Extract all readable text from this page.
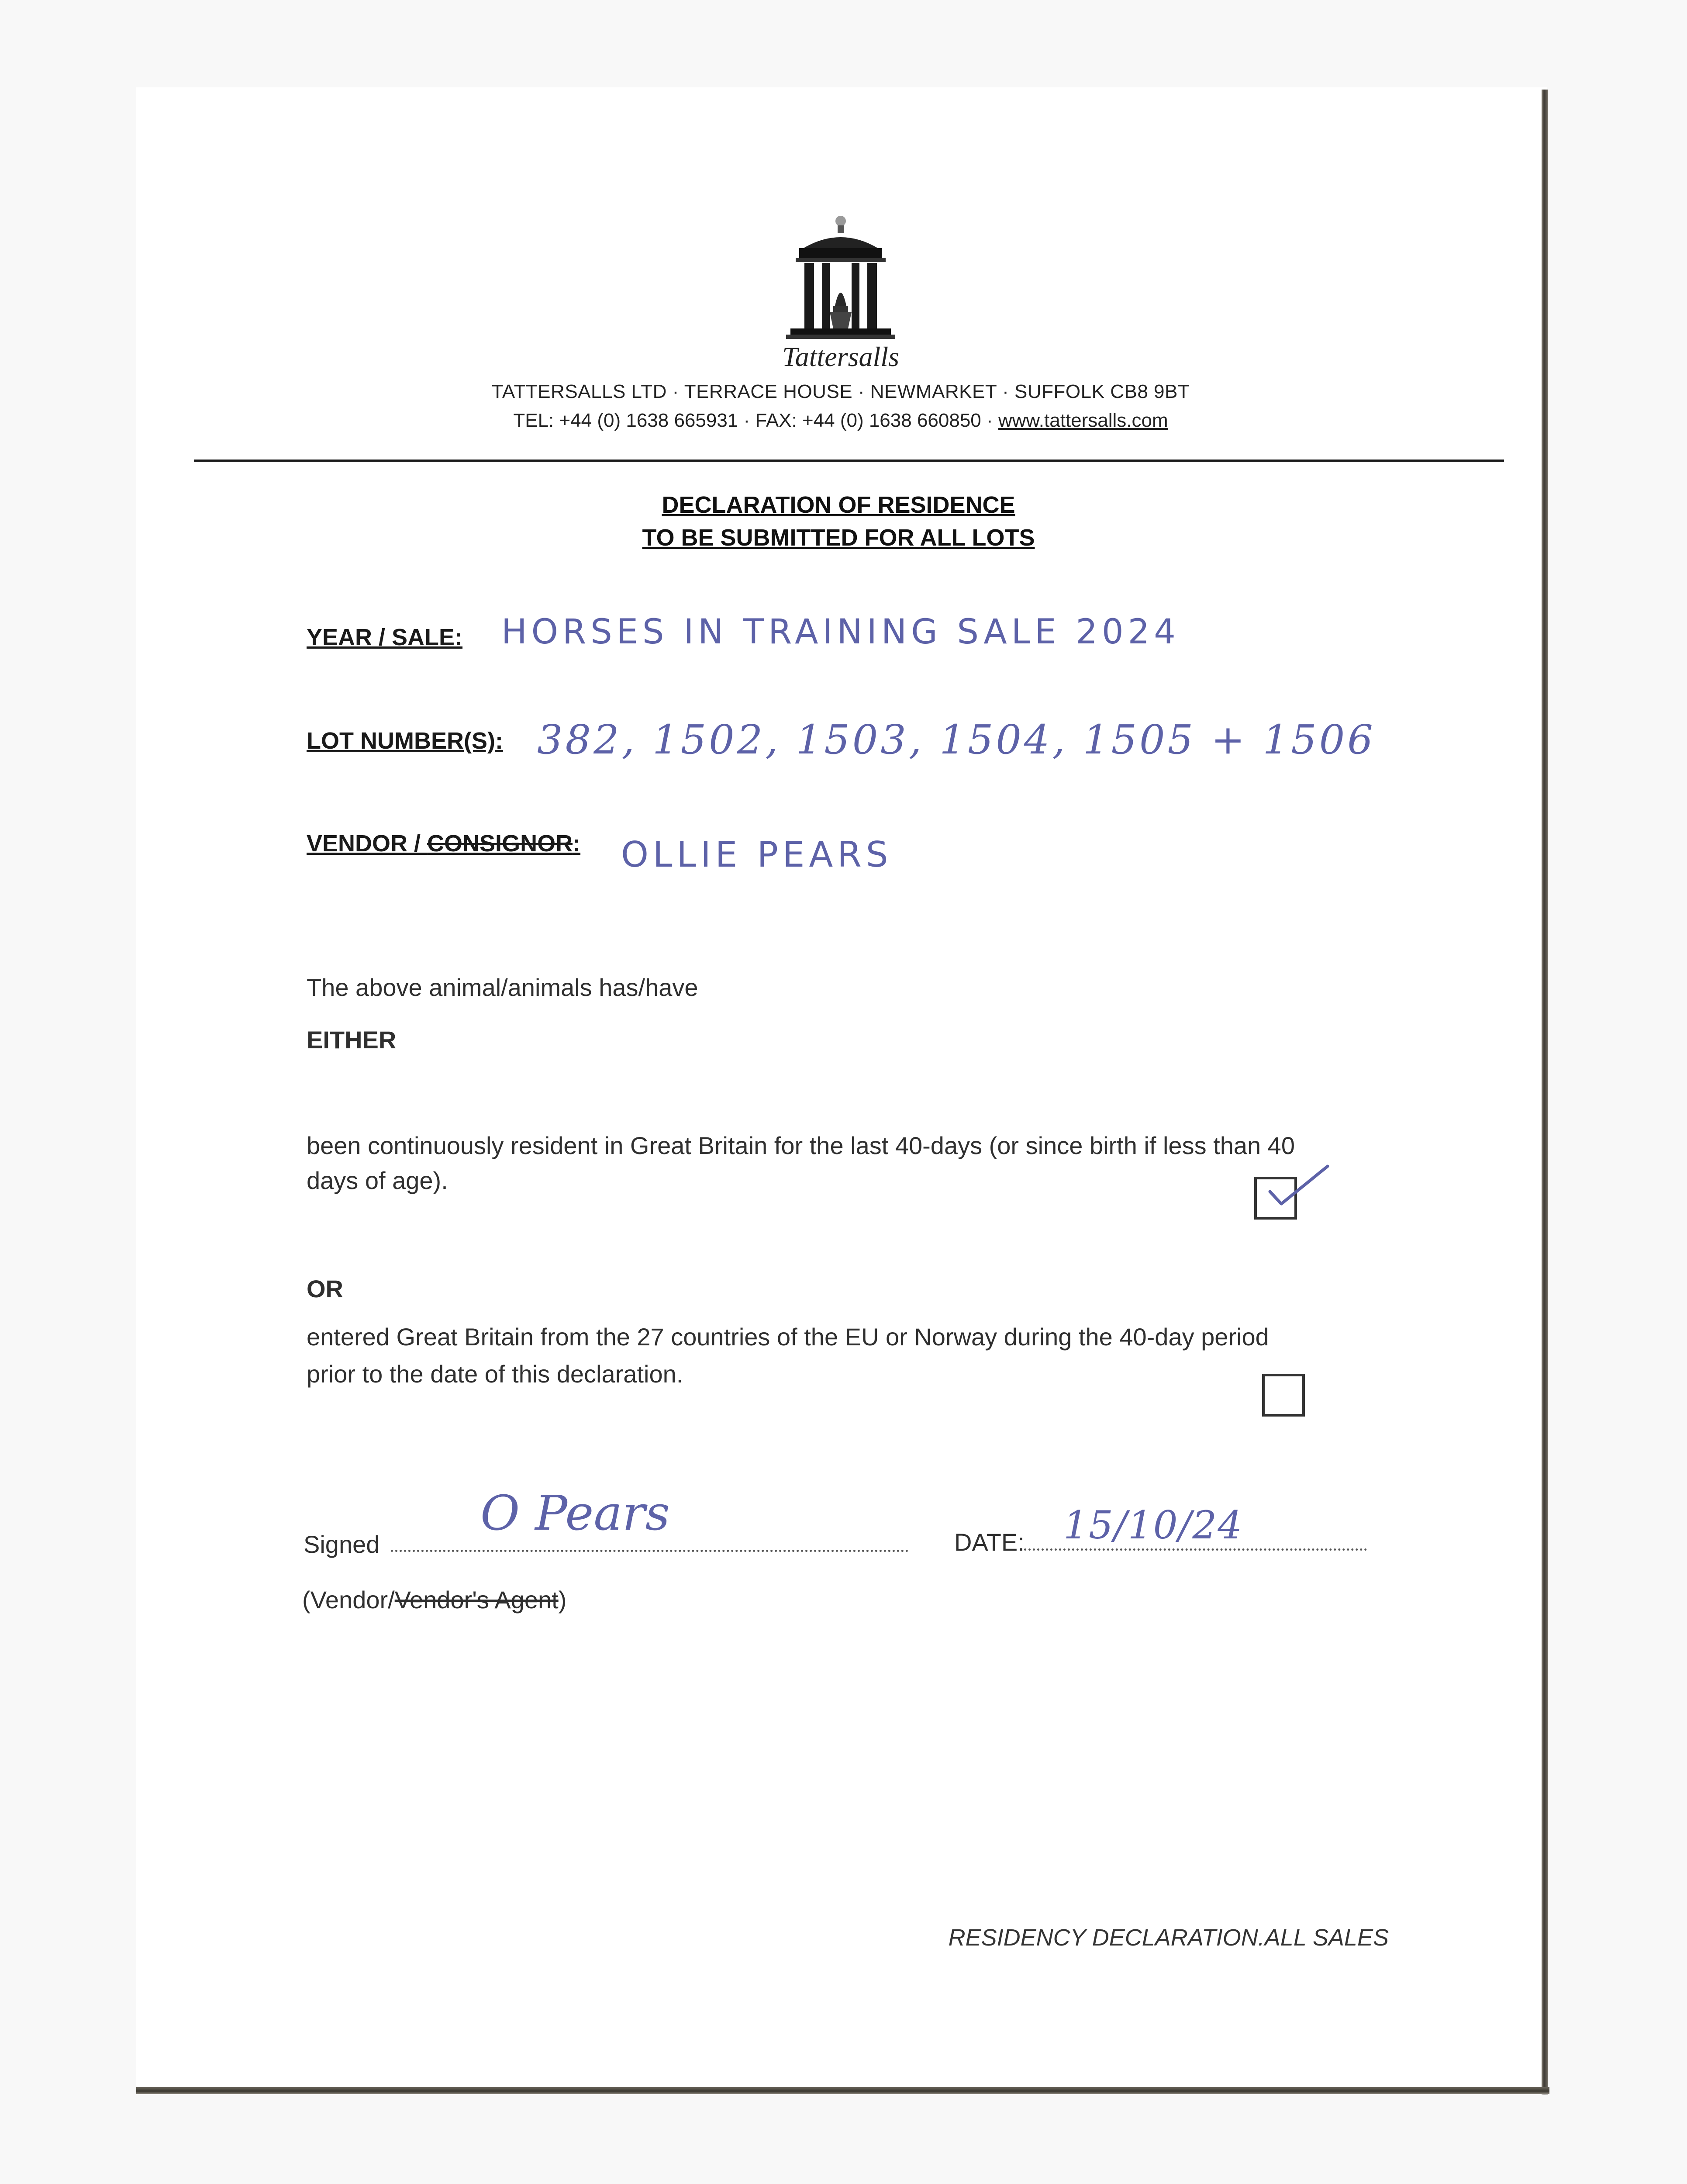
Tattersalls
TATTERSALLS LTD · TERRACE HOUSE · NEWMARKET · SUFFOLK CB8 9BT
TEL: +44 (0) 1638 665931 · FAX: +44 (0) 1638 660850 · www.tattersalls.com
DECLARATION OF RESIDENCE
TO BE SUBMITTED FOR ALL LOTS
YEAR / SALE: HORSES IN TRAINING SALE 2024
LOT NUMBER(S): 382, 1502, 1503, 1504, 1505 + 1506
VENDOR / CONSIGNOR: OLLIE PEARS
The above animal/animals has/have
EITHER
been continuously resident in Great Britain for the last 40-days (or since birth if less than 40
days of age).
OR
entered Great Britain from the 27 countries of the EU or Norway during the 40-day period
prior to the date of this declaration.
Signed
O Pears
DATE: 15/10/24
(Vendor/Vendor's Agent)
RESIDENCY DECLARATION.ALL SALES
